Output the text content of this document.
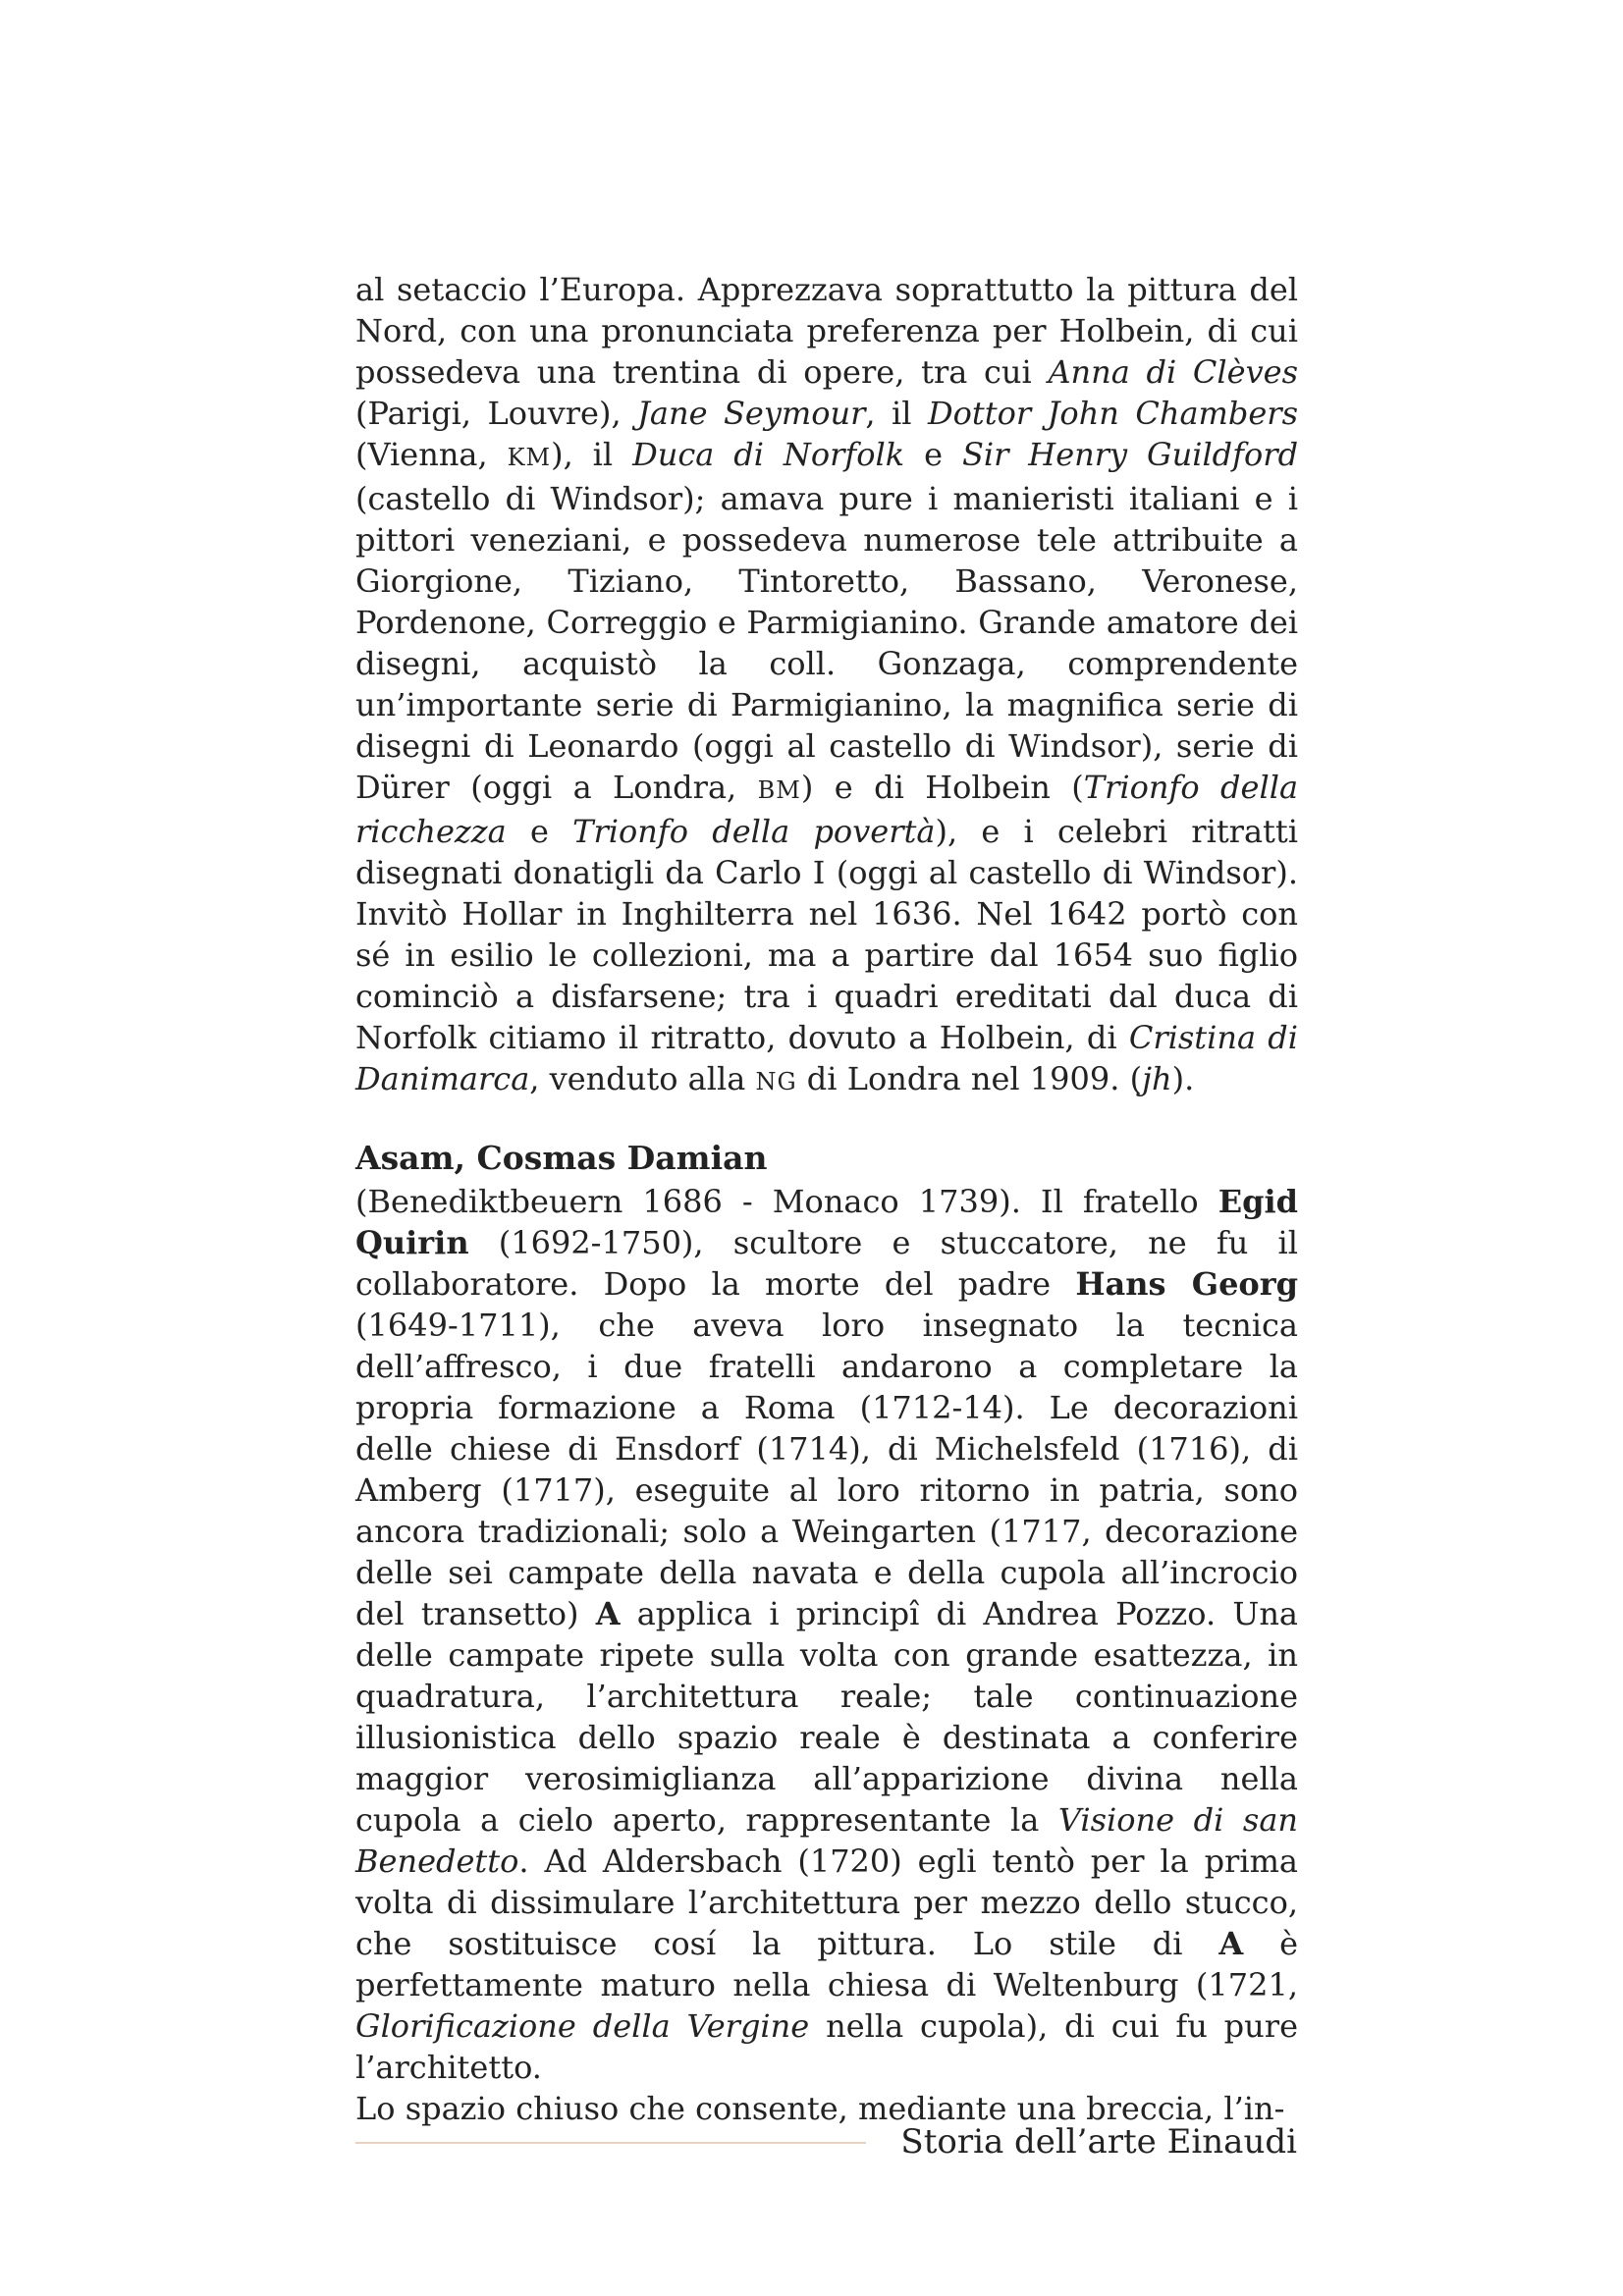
al setaccio l’Europa. Apprezzava soprattutto la pittura del Nord, con una pronunciata preferenza per Holbein, di cui possedeva una trentina di opere, tra cui Anna di Clèves (Parigi, Louvre), Jane Seymour, il Dottor John Chambers (Vienna, KM), il Duca di Norfolk e Sir Henry Guildford (castello di Windsor); amava pure i manieristi italiani e i pittori veneziani, e possedeva numerose tele attribuite a Giorgione, Tiziano, Tintoretto, Bassano, Veronese, Pordenone, Correggio e Parmigianino. Grande amatore dei disegni, acquistò la coll. Gonzaga, comprendente un’importante serie di Parmigianino, la magnifica serie di disegni di Leonardo (oggi al castello di Windsor), serie di Dürer (oggi a Londra, BM) e di Holbein (Trionfo della ricchezza e Trionfo della povertà), e i celebri ritratti disegnati donatigli da Carlo I (oggi al castello di Windsor). Invitò Hollar in Inghilterra nel 1636. Nel 1642 portò con sé in esilio le collezioni, ma a partire dal 1654 suo figlio cominciò a disfarsene; tra i quadri ereditati dal duca di Norfolk citiamo il ritratto, dovuto a Holbein, di Cristina di Danimarca, venduto alla NG di Londra nel 1909. (jh).

Asam, Cosmas Damian

(Benediktbeuern 1686 - Monaco 1739). Il fratello Egid Quirin (1692-1750), scultore e stuccatore, ne fu il collaboratore. Dopo la morte del padre Hans Georg (1649-1711), che aveva loro insegnato la tecnica dell’affresco, i due fratelli andarono a completare la propria formazione a Roma (1712-14). Le decorazioni delle chiese di Ensdorf (1714), di Michelsfeld (1716), di Amberg (1717), eseguite al loro ritorno in patria, sono ancora tradizionali; solo a Weingarten (1717, decorazione delle sei campate della navata e della cupola all’incrocio del transetto) A applica i principî di Andrea Pozzo. Una delle campate ripete sulla volta con grande esattezza, in quadratura, l’architettura reale; tale continuazione illusionistica dello spazio reale è destinata a conferire maggior verosimiglianza all’apparizione divina nella cupola a cielo aperto, rappresentante la Visione di san Benedetto. Ad Aldersbach (1720) egli tentò per la prima volta di dissimulare l’architettura per mezzo dello stucco, che sostituisce cosí la pittura. Lo stile di A è perfettamente maturo nella chiesa di Weltenburg (1721, Glorificazione della Vergine nella cupola), di cui fu pure l’architetto.

Lo spazio chiuso che consente, mediante una breccia, l’in-

Storia dell’arte Einaudi
